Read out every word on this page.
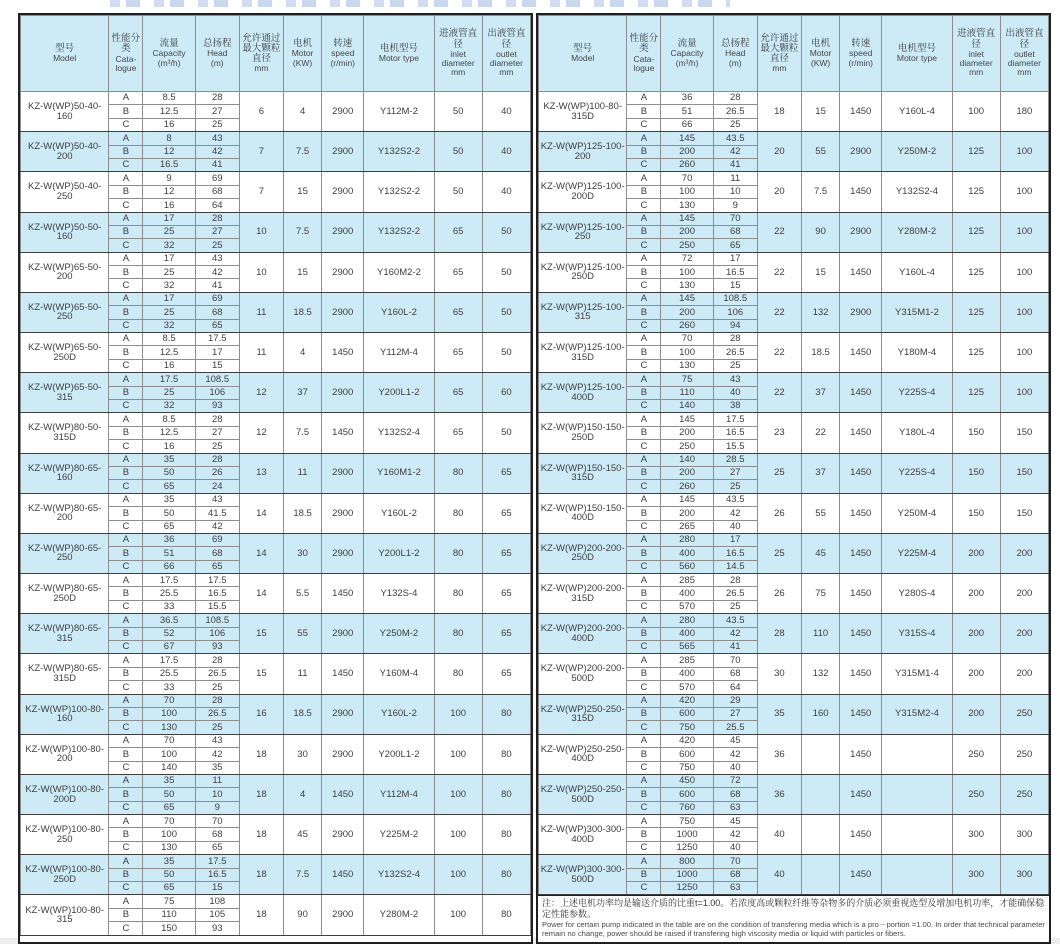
型号
Model

性能分类
Cata-logue

流量
Capacity
(m³/h)

总扬程
Head
(m)

允许通过最大颗粒直径
mm

电机
Motor
(KW)

转速
speed
(r/min)

电机型号
Motor type

进液管直径
inlet diameter
mm

出液管直径
outlet diameter
mm

KZ-W(WP)50-40-160	A	8.5	28	6	4	2900	Y112M-2	50	40
	B	12.5	27						
	C	16	25						
KZ-W(WP)50-40-200	A	8	43	7	7.5	2900	Y132S2-2	50	40
	B	12	42						
	C	16.5	41						
KZ-W(WP)50-40-250	A	9	69	7	15	2900	Y132S2-2	50	40
	B	12	68						
	C	16	64						
KZ-W(WP)50-50-160	A	17	28	10	7.5	2900	Y132S2-2	65	50
	B	25	27						
	C	32	25						
KZ-W(WP)65-50-200	A	17	43	10	15	2900	Y160M2-2	65	50
	B	25	42						
	C	32	41						
KZ-W(WP)65-50-250	A	17	69	11	18.5	2900	Y160L-2	65	50
	B	25	68						
	C	32	65						
KZ-W(WP)65-50-250D	A	8.5	17.5	11	4	1450	Y112M-4	65	50
	B	12.5	17						
	C	16	15						
KZ-W(WP)65-50-315	A	17.5	108.5	12	37	2900	Y200L1-2	65	60
	B	25	106						
	C	32	93						
KZ-W(WP)80-50-315D	A	8.5	28	12	7.5	1450	Y132S2-4	65	50
	B	12.5	27						
	C	16	25						
KZ-W(WP)80-65-160	A	35	28	13	11	2900	Y160M1-2	80	65
	B	50	26						
	C	65	24						
KZ-W(WP)80-65-200	A	35	43	14	18.5	2900	Y160L-2	80	65
	B	50	41.5						
	C	65	42						
KZ-W(WP)80-65-250	A	36	69	14	30	2900	Y200L1-2	80	65
	B	51	68						
	C	66	65						
KZ-W(WP)80-65-250D	A	17.5	17.5	14	5.5	1450	Y132S-4	80	65
	B	25.5	16.5						
	C	33	15.5						
KZ-W(WP)80-65-315	A	36.5	108.5	15	55	2900	Y250M-2	80	65
	B	52	106						
	C	67	93						
KZ-W(WP)80-65-315D	A	17.5	28	15	11	1450	Y160M-4	80	65
	B	25.5	26.5						
	C	33	25						
KZ-W(WP)100-80-160	A	70	28	16	18.5	2900	Y160L-2	100	80
	B	100	26.5						
	C	130	25						
KZ-W(WP)100-80-200	A	70	43	18	30	2900	Y200L1-2	100	80
	B	100	42						
	C	140	35						
KZ-W(WP)100-80-200D	A	35	11	18	4	1450	Y112M-4	100	80
	B	50	10						
	C	65	9						
KZ-W(WP)100-80-250	A	70	70	18	45	2900	Y225M-2	100	80
	B	100	68						
	C	130	65						
KZ-W(WP)100-80-250D	A	35	17.5	18	7.5	1450	Y132S2-4	100	80
	B	50	16.5						
	C	65	15						
KZ-W(WP)100-80-315	A	75	108	18	90	2900	Y280M-2	100	80
	B	110	105						
	C	150	93						
型号
Model

性能分类
Cata-logue

流量
Capacity
(m³/h)

总扬程
Head
(m)

允许通过最大颗粒直径
mm

电机
Motor
(KW)

转速
speed
(r/min)

电机型号
Motor type

进液管直径
inlet diameter
mm

出液管直径
outlet diameter
mm

KZ-W(WP)100-80-315D	A	36	28	18	15	1450	Y160L-4	100	180
	B	51	26.5						
	C	66	25						
KZ-W(WP)125-100-200	A	145	43.5	20	55	2900	Y250M-2	125	100
	B	200	42						
	C	260	41						
KZ-W(WP)125-100-200D	A	70	11	20	7.5	1450	Y132S2-4	125	100
	B	100	10						
	C	130	9						
KZ-W(WP)125-100-250	A	145	70	22	90	2900	Y280M-2	125	100
	B	200	68						
	C	250	65						
KZ-W(WP)125-100-250D	A	72	17	22	15	1450	Y160L-4	125	100
	B	100	16.5						
	C	130	15						
KZ-W(WP)125-100-315	A	145	108.5	22	132	2900	Y315M1-2	125	100
	B	200	106						
	C	260	94						
KZ-W(WP)125-100-315D	A	70	28	22	18.5	1450	Y180M-4	125	100
	B	100	26.5						
	C	130	25						
KZ-W(WP)125-100-400D	A	75	43	22	37	1450	Y225S-4	125	100
	B	110	40						
	C	140	38						
KZ-W(WP)150-150-250D	A	145	17.5	23	22	1450	Y180L-4	150	150
	B	200	16.5						
	C	250	15.5						
KZ-W(WP)150-150-315D	A	140	28.5	25	37	1450	Y225S-4	150	150
	B	200	27						
	C	260	25						
KZ-W(WP)150-150-400D	A	145	43.5	26	55	1450	Y250M-4	150	150
	B	200	42						
	C	265	40						
KZ-W(WP)200-200-250D	A	280	17	25	45	1450	Y225M-4	200	200
	B	400	16.5						
	C	560	14.5						
KZ-W(WP)200-200-315D	A	285	28	26	75	1450	Y280S-4	200	200
	B	400	26.5						
	C	570	25						
KZ-W(WP)200-200-400D	A	280	43.5	28	110	1450	Y315S-4	200	200
	B	400	42						
	C	565	41						
KZ-W(WP)200-200-500D	A	285	70	30	132	1450	Y315M1-4	200	200
	B	400	68						
	C	570	64						
KZ-W(WP)250-250-315D	A	420	29	35	160	1450	Y315M2-4	200	250
	B	600	27						
	C	750	25.5						
KZ-W(WP)250-250-400D	A	420	45	36		1450		250	250
	B	600	42						
	C	750	40						
KZ-W(WP)250-250-500D	A	450	72	36		1450		250	250
	B	600	68						
	C	760	63						
KZ-W(WP)300-300-400D	A	750	45	40		1450		300	300
	B	1000	42						
	C	1250	40						
KZ-W(WP)300-300-500D	A	800	70	40		1450		300	300
	B	1000	68						
	C	1250	63						
注：上述电机功率均是输送介质的比重t=1.00。若浓度高或颗粒纤维等杂物多的介质必须重视选型及增加电机功率，才能确保稳定性能参数。
Power for certain pump indicated in the table are on the condition of transfering media which is a pro－portion =1.00. In order that technical parameter remain no change, power should be raised if transfering high viscosity media or liquid with particles or fibers.
